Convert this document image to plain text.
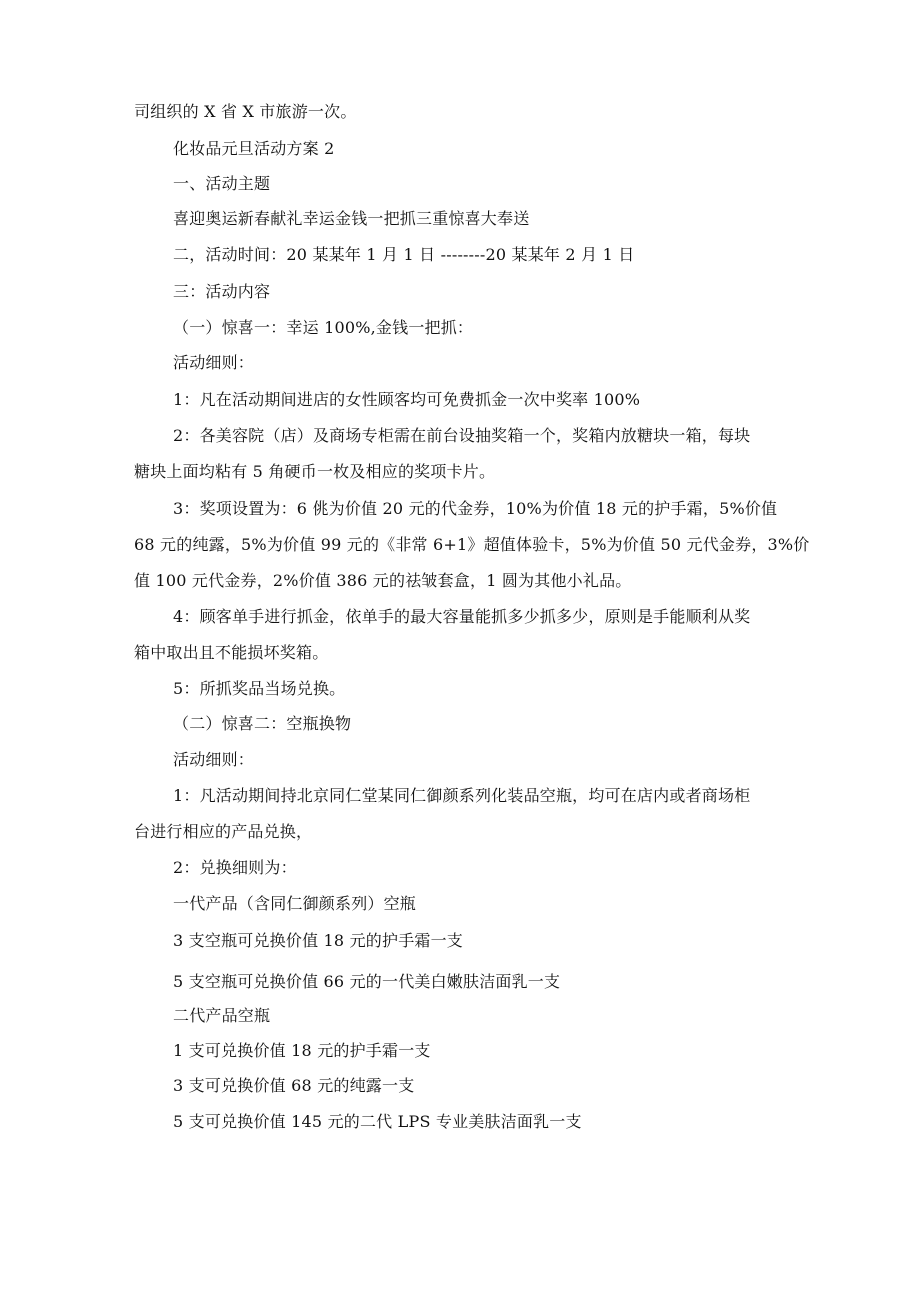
司组织的 X 省 X 市旅游一次。
化妆品元旦活动方案 2
一、活动主题
喜迎奥运新春献礼幸运金钱一把抓三重惊喜大奉送
二，活动时间：20 某某年 1 月 1 日 --------20 某某年 2 月 1 日
三：活动内容
（一）惊喜一：幸运 100%,金钱一把抓：
活动细则：
1：凡在活动期间进店的女性顾客均可免费抓金一次中奖率 100%
2：各美容院（店）及商场专柜需在前台设抽奖箱一个，奖箱内放糖块一箱，每块
糖块上面均粘有 5 角硬币一枚及相应的奖项卡片。
3：奖项设置为：6 佻为价值 20 元的代金券，10%为价值 18 元的护手霜，5%价值
68 元的纯露，5%为价值 99 元的《非常 6+1》超值体验卡，5%为价值 50 元代金券，3%价
值 100 元代金券，2%价值 386 元的祛皱套盒，1 圆为其他小礼品。
4：顾客单手进行抓金，依单手的最大容量能抓多少抓多少，原则是手能顺利从奖
箱中取出且不能损坏奖箱。
5：所抓奖品当场兑换。
（二）惊喜二：空瓶换物
活动细则：
1：凡活动期间持北京同仁堂某同仁御颜系列化装品空瓶，均可在店内或者商场柜
台进行相应的产品兑换，
2：兑换细则为：
一代产品（含同仁御颜系列）空瓶
3 支空瓶可兑换价值 18 元的护手霜一支
5 支空瓶可兑换价值 66 元的一代美白嫩肤洁面乳一支
二代产品空瓶
1 支可兑换价值 18 元的护手霜一支
3 支可兑换价值 68 元的纯露一支
5 支可兑换价值 145 元的二代 LPS 专业美肤洁面乳一支
